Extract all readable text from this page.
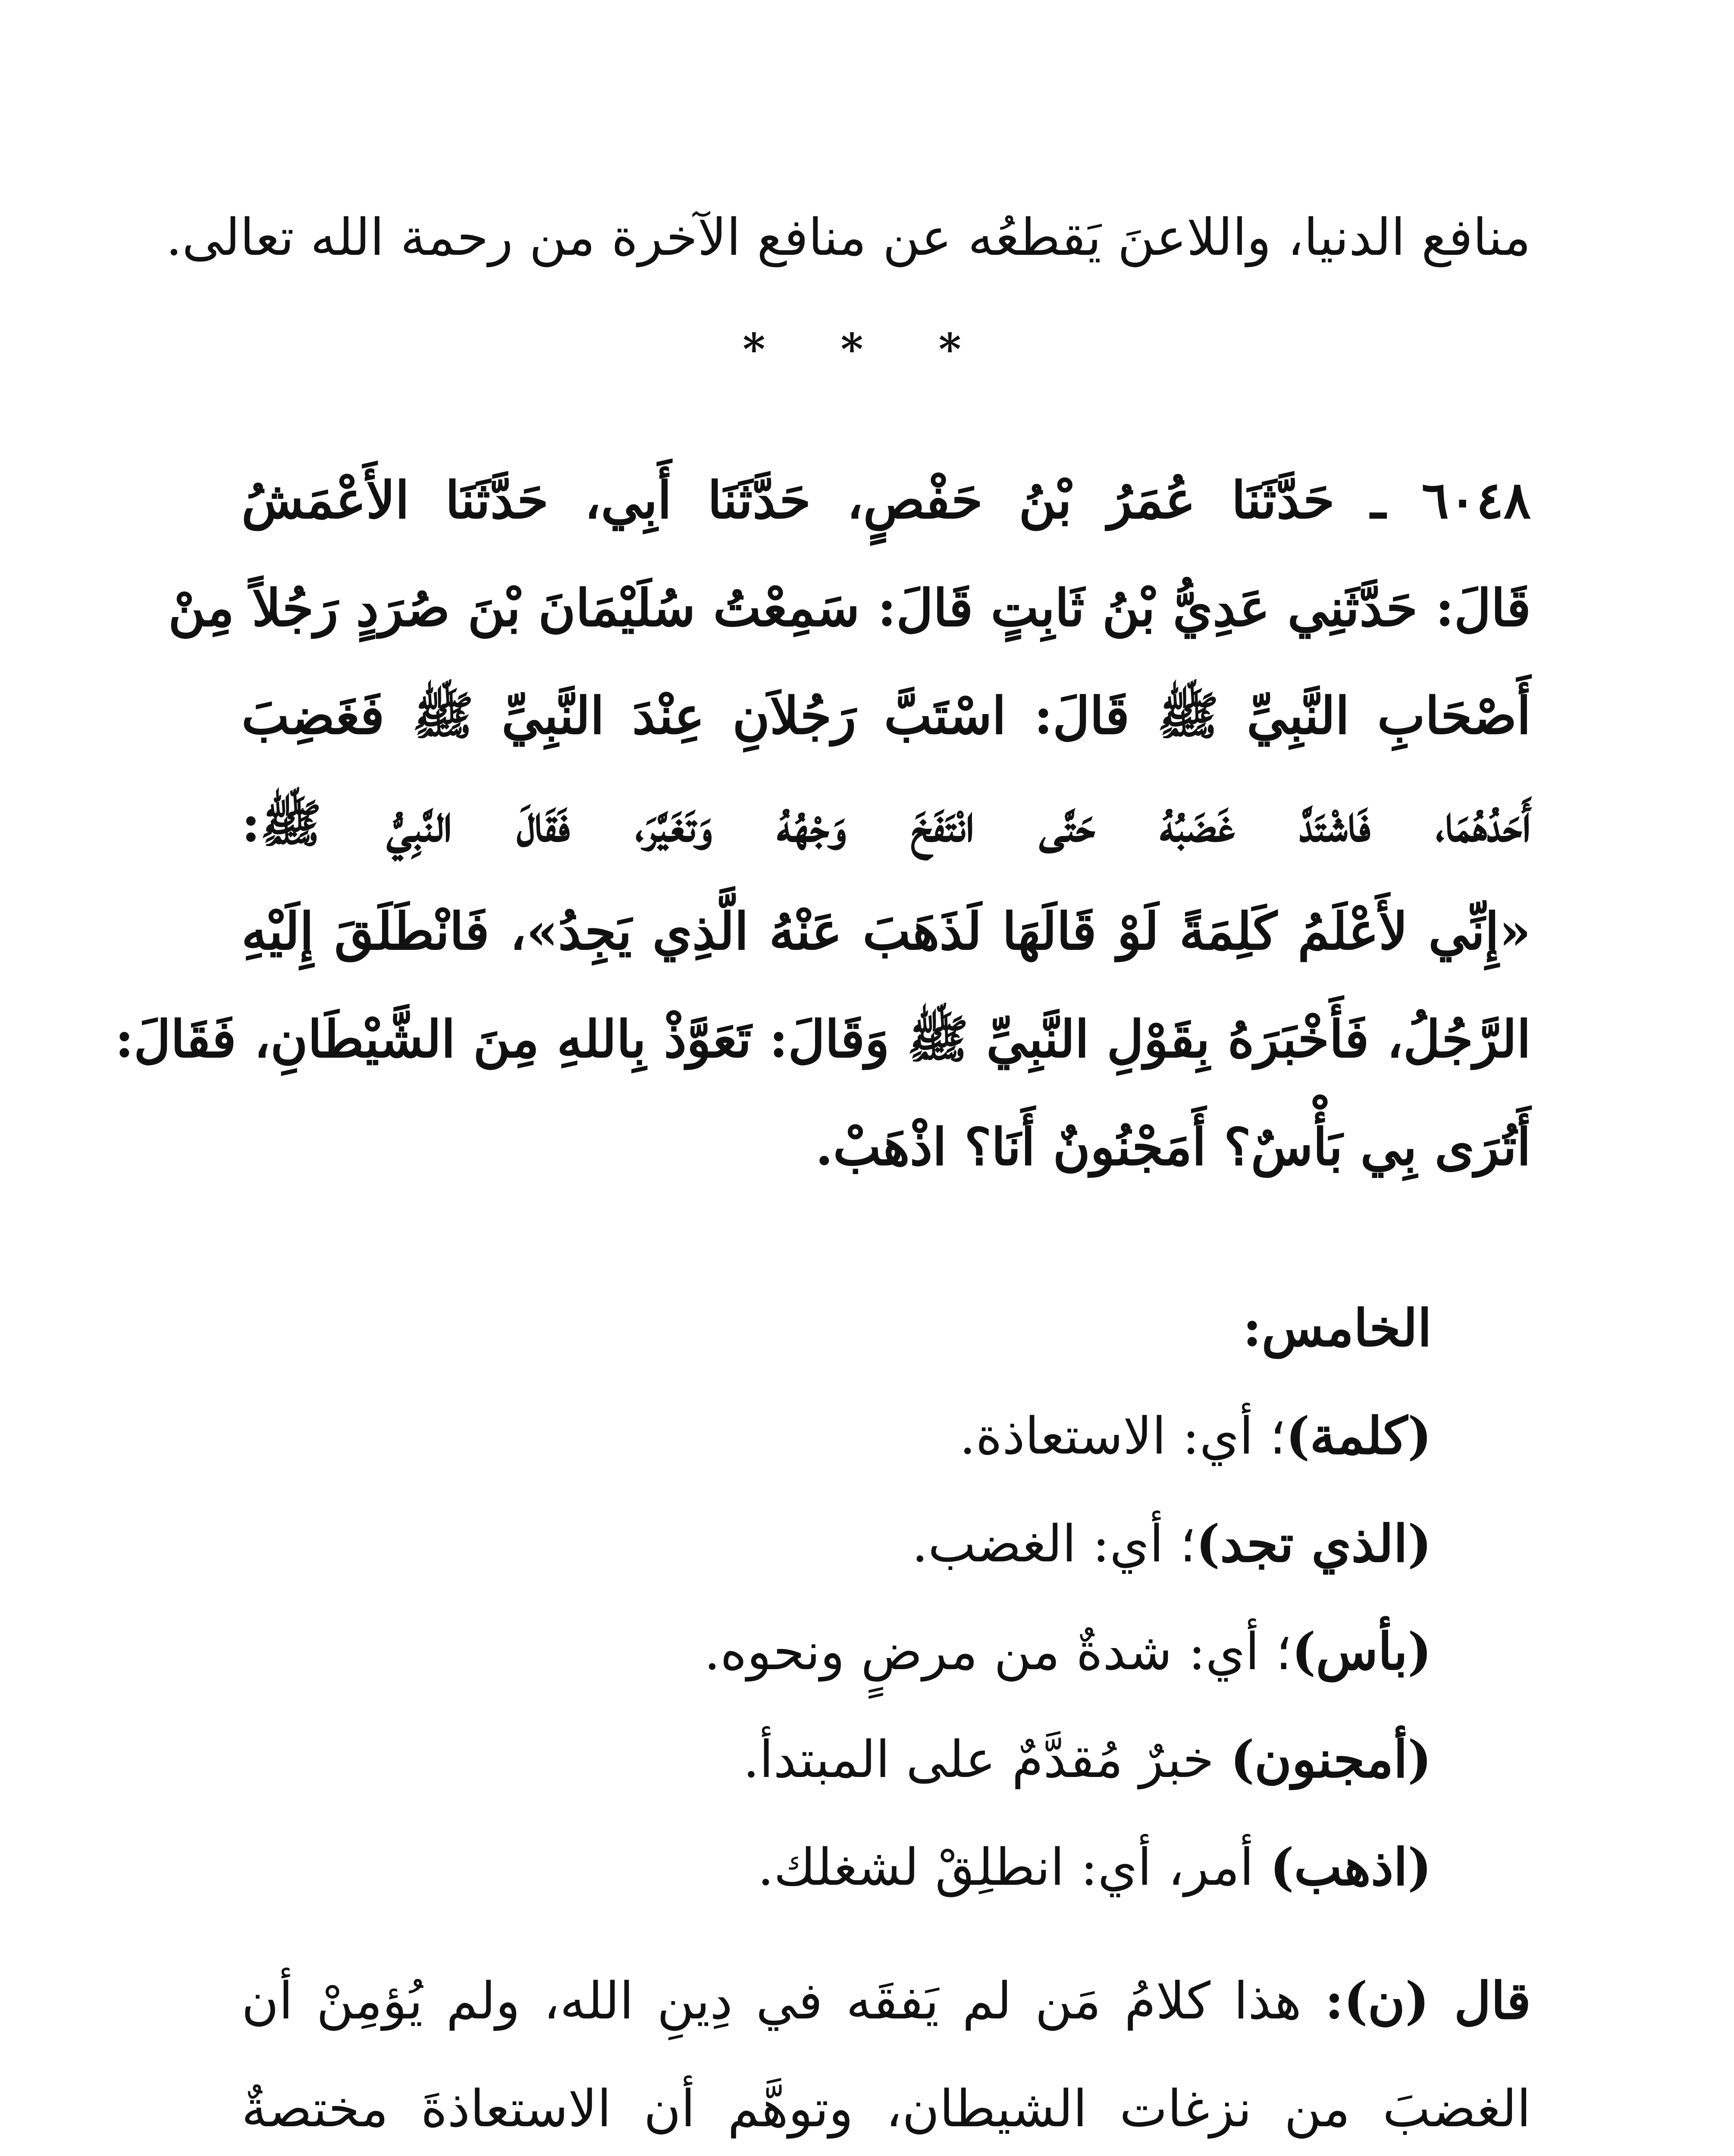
منافع الدنيا، واللاعنَ يَقطعُه عن منافع الآخرة من رحمة الله تعالى.
* * *
٦٠٤٨ ـ حَدَّثَنَا عُمَرُ بْنُ حَفْصٍ، حَدَّثَنَا أَبِي، حَدَّثَنَا الأَعْمَشُ
قَالَ: حَدَّثَنِي عَدِيُّ بْنُ ثَابِتٍ قَالَ: سَمِعْتُ سُلَيْمَانَ بْنَ صُرَدٍ رَجُلاً مِنْ
أَصْحَابِ النَّبِيِّ ﷺ قَالَ: اسْتَبَّ رَجُلاَنِ عِنْدَ النَّبِيِّ ﷺ فَغَضِبَ
أَحَدُهُمَا، فَاشْتَدَّ غَضَبُهُ حَتَّى انْتَفَخَ وَجْهُهُ وَتَغَيَّرَ، فَقَالَ النَّبِيُّ ﷺ:
«إِنِّي لأَعْلَمُ كَلِمَةً لَوْ قَالَهَا لَذَهَبَ عَنْهُ الَّذِي يَجِدُ»، فَانْطَلَقَ إِلَيْهِ
الرَّجُلُ، فَأَخْبَرَهُ بِقَوْلِ النَّبِيِّ ﷺ وَقَالَ: تَعَوَّذْ بِاللهِ مِنَ الشَّيْطَانِ، فَقَالَ:
أَتُرَى بِي بَأْسٌ؟ أَمَجْنُونٌ أَنَا؟ اذْهَبْ.
الخامس:
(كلمة)؛ أي: الاستعاذة.
(الذي تجد)؛ أي: الغضب.
(بأس)؛ أي: شدةٌ من مرضٍ ونحوه.
(أمجنون) خبرٌ مُقدَّمٌ على المبتدأ.
(اذهب) أمر، أي: انطلِقْ لشغلك.
قال (ن): هذا كلامُ مَن لم يَفقَه في دِينِ الله، ولم يُؤمِنْ أن
الغضبَ من نزغات الشيطان، وتوهَّم أن الاستعاذةَ مختصةٌ
